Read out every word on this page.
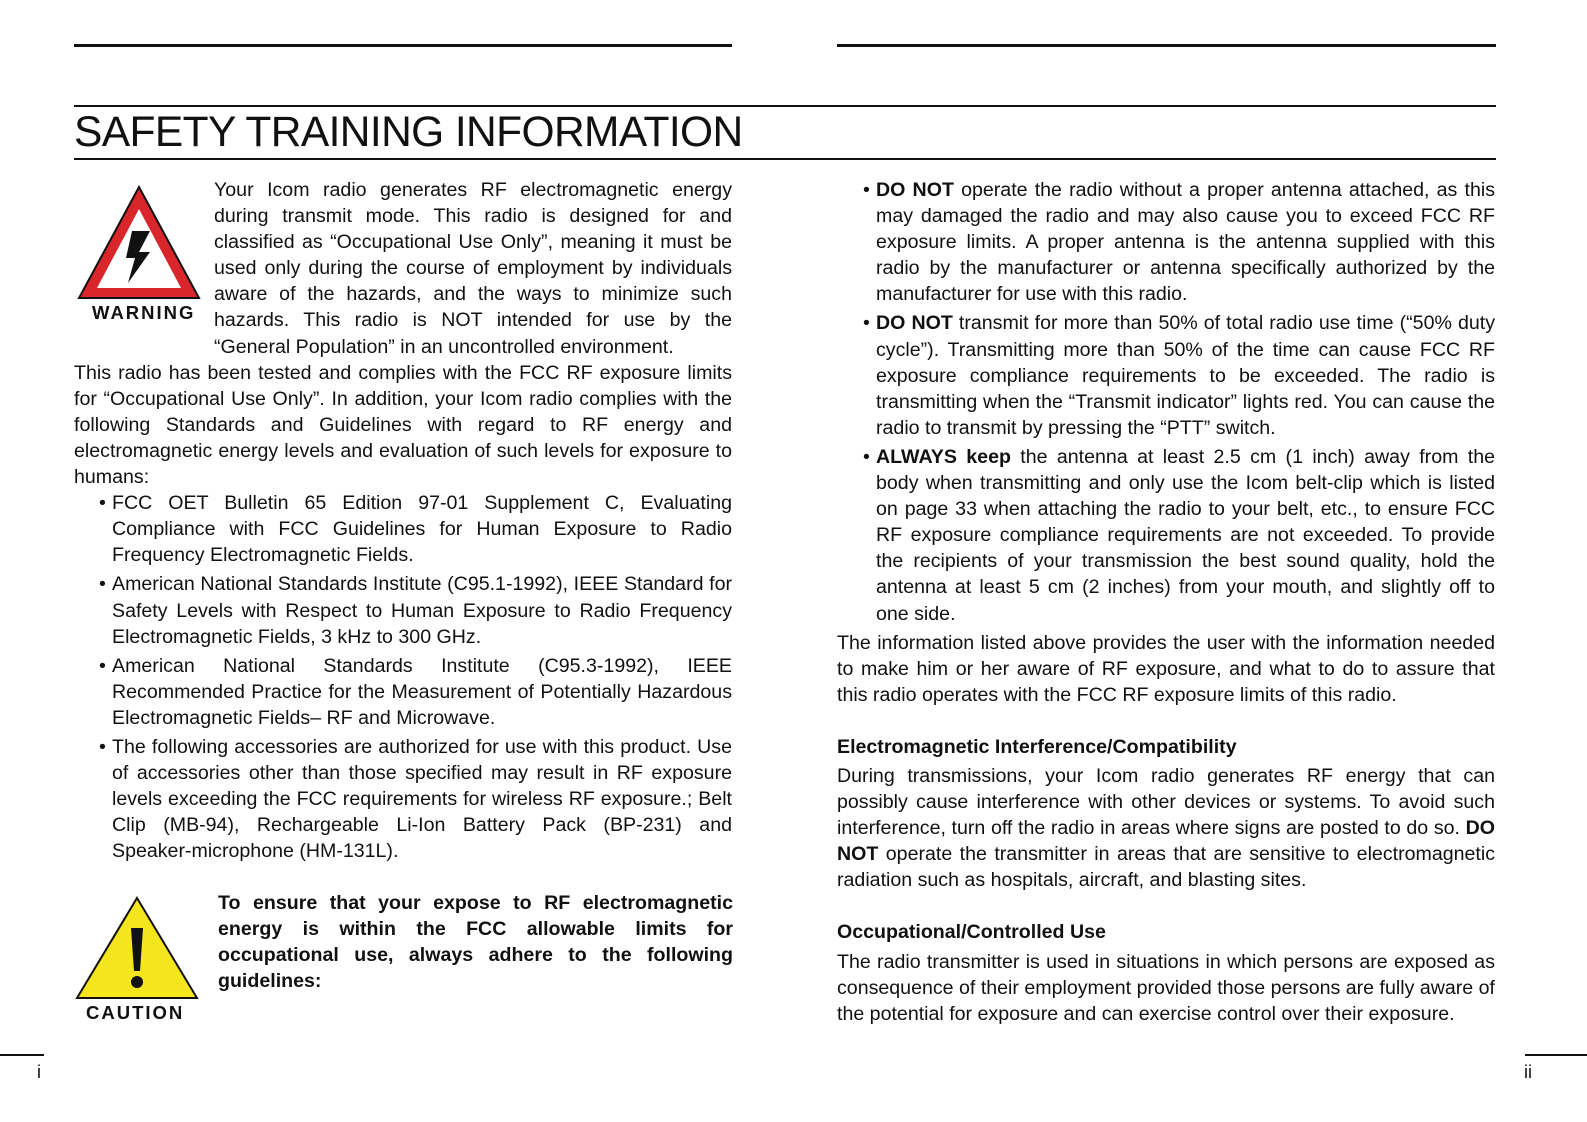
SAFETY TRAINING INFORMATION
WARNING

Your Icom radio generates RF electromagnetic energy during transmit mode. This radio is designed for and classified as “Occupational Use Only”, meaning it must be used only during the course of employment by individuals aware of the hazards, and the ways to minimize such hazards. This radio is NOT intended for use by the “General Population” in an uncontrolled environment.

This radio has been tested and complies with the FCC RF exposure limits for “Occupational Use Only”. In addition, your Icom radio complies with the following Standards and Guidelines with regard to RF energy and electromagnetic energy levels and evaluation of such levels for exposure to humans:

• FCC OET Bulletin 65 Edition 97-01 Supplement C, Evaluating Compliance with FCC Guidelines for Human Exposure to Radio Frequency Electromagnetic Fields.
• American National Standards Institute (C95.1-1992), IEEE Standard for Safety Levels with Respect to Human Exposure to Radio Frequency Electromagnetic Fields, 3 kHz to 300 GHz.
• American National Standards Institute (C95.3-1992), IEEE Recommended Practice for the Measurement of Potentially Hazardous Electromagnetic Fields– RF and Microwave.
• The following accessories are authorized for use with this product. Use of accessories other than those specified may result in RF exposure levels exceeding the FCC requirements for wireless RF exposure.; Belt Clip (MB-94), Rechargeable Li-Ion Battery Pack (BP-231) and Speaker-microphone (HM-131L).
CAUTION

To ensure that your expose to RF electromagnetic energy is within the FCC allowable limits for occupational use, always adhere to the following guidelines:

• DO NOT operate the radio without a proper antenna attached, as this may damaged the radio and may also cause you to exceed FCC RF exposure limits. A proper antenna is the antenna supplied with this radio by the manufacturer or antenna specifically authorized by the manufacturer for use with this radio.
• DO NOT transmit for more than 50% of total radio use time (“50% duty cycle”). Transmitting more than 50% of the time can cause FCC RF exposure compliance requirements to be exceeded. The radio is transmitting when the “Transmit indicator” lights red. You can cause the radio to transmit by pressing the “PTT” switch.
• ALWAYS keep the antenna at least 2.5 cm (1 inch) away from the body when transmitting and only use the Icom belt-clip which is listed on page 33 when attaching the radio to your belt, etc., to ensure FCC RF exposure compliance requirements are not exceeded. To provide the recipients of your transmission the best sound quality, hold the antenna at least 5 cm (2 inches) from your mouth, and slightly off to one side.

The information listed above provides the user with the information needed to make him or her aware of RF exposure, and what to do to assure that this radio operates with the FCC RF exposure limits of this radio.

Electromagnetic Interference/Compatibility

During transmissions, your Icom radio generates RF energy that can possibly cause interference with other devices or systems. To avoid such interference, turn off the radio in areas where signs are posted to do so. DO NOT operate the transmitter in areas that are sensitive to electromagnetic radiation such as hospitals, aircraft, and blasting sites.

Occupational/Controlled Use

The radio transmitter is used in situations in which persons are exposed as consequence of their employment provided those persons are fully aware of the potential for exposure and can exercise control over their exposure.

i	ii
